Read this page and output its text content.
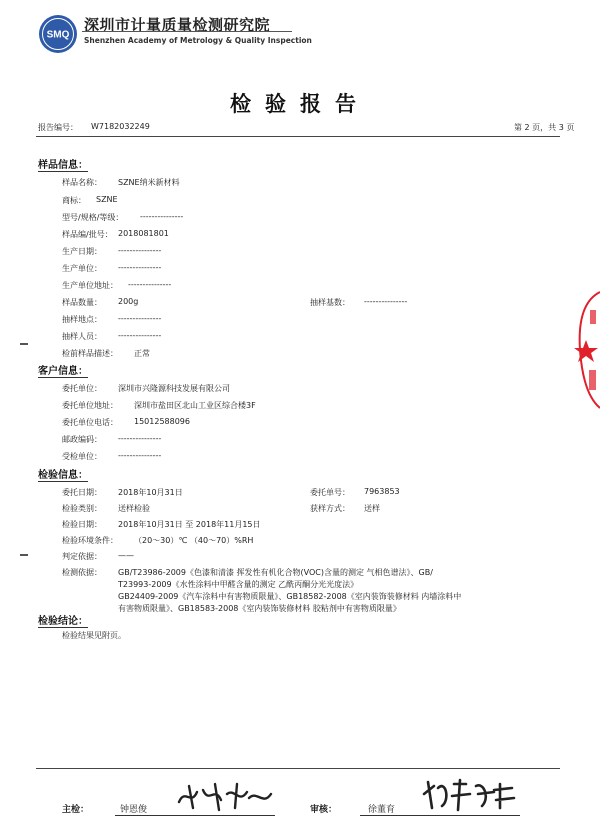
SMQ
深圳市计量质量检测研究院
Shenzhen Academy of Metrology & Quality Inspection
检验报告
报告编号： W7182032249	第 2 页，共 3 页
样品信息：
样品名称： SZNE纳米新材料
商标： SZNE
型号/规格/等级： ---------------
样品编/批号： 2018081801
生产日期： ---------------
生产单位： ---------------
生产单位地址： ---------------
样品数量： 200g	抽样基数： ---------------
抽样地点： ---------------
抽样人员： ---------------
检前样品描述： 正常
客户信息：
委托单位： 深圳市兴隆源科技发展有限公司
委托单位地址： 深圳市盐田区北山工业区综合楼3F
委托单位电话： 15012588096
邮政编码： ---------------
受检单位： ---------------
检验信息：
委托日期： 2018年10月31日	委托单号： 7963853
检验类别： 送样检验	获样方式： 送样
检验日期： 2018年10月31日 至 2018年11月15日
检验环境条件： （20～30）℃ （40～70）%RH
判定依据： ——
检测依据： GB/T23986-2009《色漆和清漆 挥发性有机化合物(VOC)含量的测定 气相色谱法》、GB/
T23993-2009《水性涂料中甲醛含量的测定 乙酰丙酮分光光度法》
GB24409-2009《汽车涂料中有害物质限量》、GB18582-2008《室内装饰装修材料 内墙涂料中
有害物质限量》、GB18583-2008《室内装饰装修材料 胶粘剂中有害物质限量》
检验结论：
检验结果见附页。
主检：	钟恩俊	审核：	徐董育
